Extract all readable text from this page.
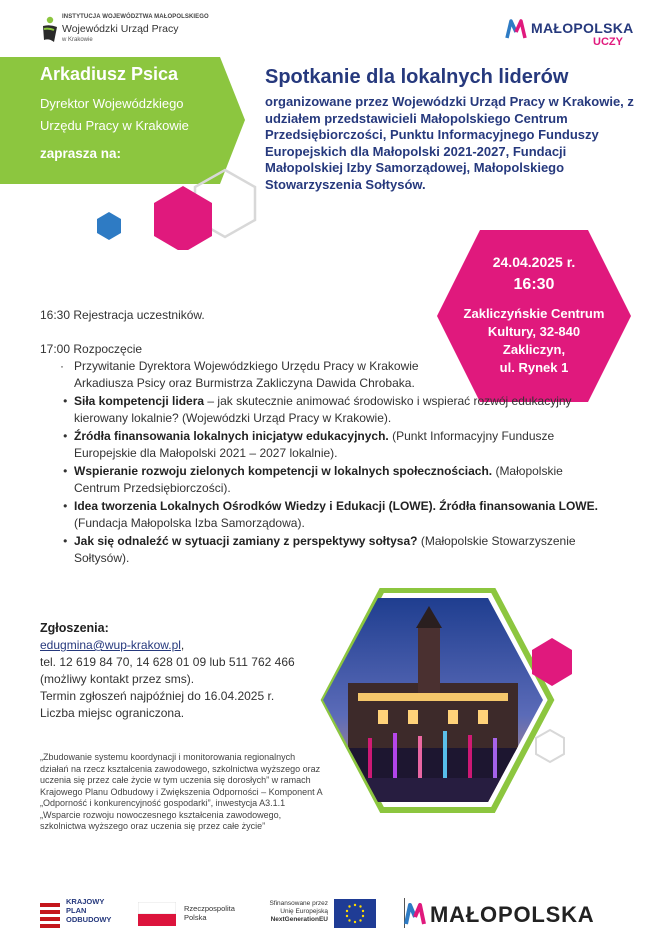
INSTYTUCJA WOJEWÓDZTWA MAŁOPOLSKIEGO
Wojewódzki Urząd Pracy
w Krakowie
MAŁOPOLSKA
UCZY
Arkadiusz Psica
Dyrektor Wojewódzkiego
Urzędu Pracy w Krakowie
zaprasza na:
Spotkanie dla lokalnych liderów
organizowane przez Wojewódzki Urząd Pracy w Krakowie, z udziałem przedstawicieli Małopolskiego Centrum Przedsiębiorczości, Punktu Informacyjnego Funduszy Europejskich dla Małopolski 2021-2027, Fundacji Małopolskiej Izby Samorządowej, Małopolskiego Stowarzyszenia Sołtysów.
24.04.2025 r.
16:30
Zakliczyńskie Centrum
Kultury, 32-840
Zakliczyn,
ul. Rynek 1

16:30 Rejestracja uczestników.

17:00 Rozpoczęcie

· Przywitanie Dyrektora Wojewódzkiego Urzędu Pracy w Krakowie Arkadiusza Psicy oraz Burmistrza Zakliczyna Dawida Chrobaka.
• Siła kompetencji lidera – jak skutecznie animować środowisko i wspierać rozwój edukacyjny kierowany lokalnie? (Wojewódzki Urząd Pracy w Krakowie).
• Źródła finansowania lokalnych inicjatyw edukacyjnych. (Punkt Informacyjny Fundusze Europejskie dla Małopolski 2021 – 2027 lokalnie).
• Wspieranie rozwoju zielonych kompetencji w lokalnych społecznościach. (Małopolskie Centrum Przedsiębiorczości).
• Idea tworzenia Lokalnych Ośrodków Wiedzy i Edukacji (LOWE). Źródła finansowania LOWE. (Fundacja Małopolska Izba Samorządowa).
• Jak się odnaleźć w sytuacji zamiany z perspektywy sołtysa? (Małopolskie Stowarzyszenie Sołtysów).
Zgłoszenia:
edugmina@wup-krakow.pl,
tel. 12 619 84 70, 14 628 01 09 lub 511 762 466
(możliwy kontakt przez sms).
Termin zgłoszeń najpóźniej do 16.04.2025 r.
Liczba miejsc ograniczona.
„Zbudowanie systemu koordynacji i monitorowania regionalnych działań na rzecz kształcenia zawodowego, szkolnictwa wyższego oraz uczenia się przez całe życie w tym uczenia się dorosłych” w ramach Krajowego Planu Odbudowy i Zwiększenia Odporności – Komponent A „Odporność i konkurencyjność gospodarki”, inwestycja A3.1.1 „Wsparcie rozwoju nowoczesnego kształcenia zawodowego, szkolnictwa wyższego oraz uczenia się przez całe życie”
KRAJOWY
PLAN
ODBUDOWY
Rzeczpospolita
Polska
Sfinansowane przez
Unię Europejską
NextGenerationEU	MAŁOPOLSKA
